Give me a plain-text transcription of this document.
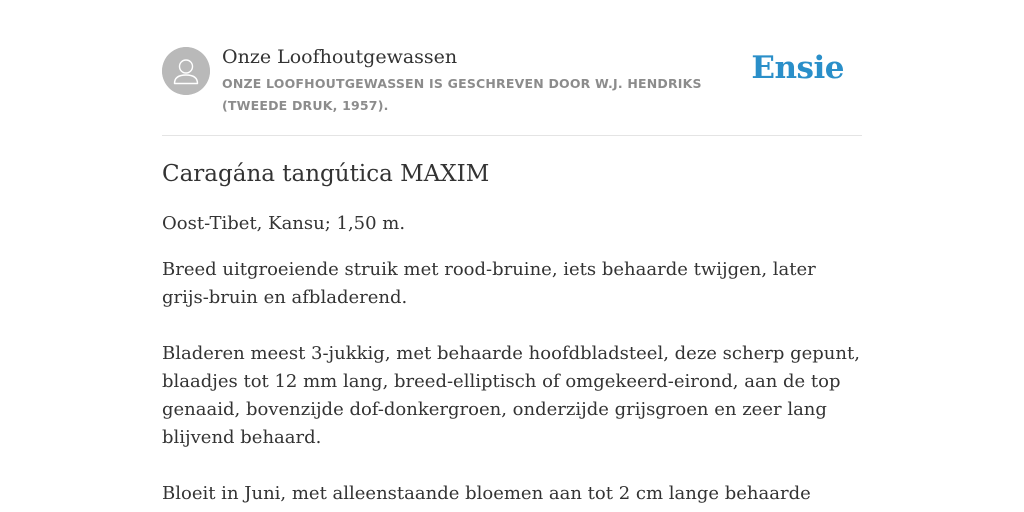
Onze Loofhoutgewassen
ONZE LOOFHOUTGEWASSEN IS GESCHREVEN DOOR W.J. HENDRIKS (TWEEDE DRUK, 1957).
Ensie
Caragána tangútica MAXIM

Oost-Tibet, Kansu; 1,50 m.

Breed uitgroeiende struik met rood-bruine, iets behaarde twijgen, later grijs-bruin en afbladerend.

Bladeren meest 3-jukkig, met behaarde hoofdbladsteel, deze scherp gepunt, blaadjes tot 12 mm lang, breed-elliptisch of omgekeerd-eirond, aan de top genaaid, bovenzijde dof-donkergroen, onderzijde grijsgroen en zeer lang blijvend behaard.

Bloeit in Juni, met alleenstaande bloemen aan tot 2 cm lange behaarde
